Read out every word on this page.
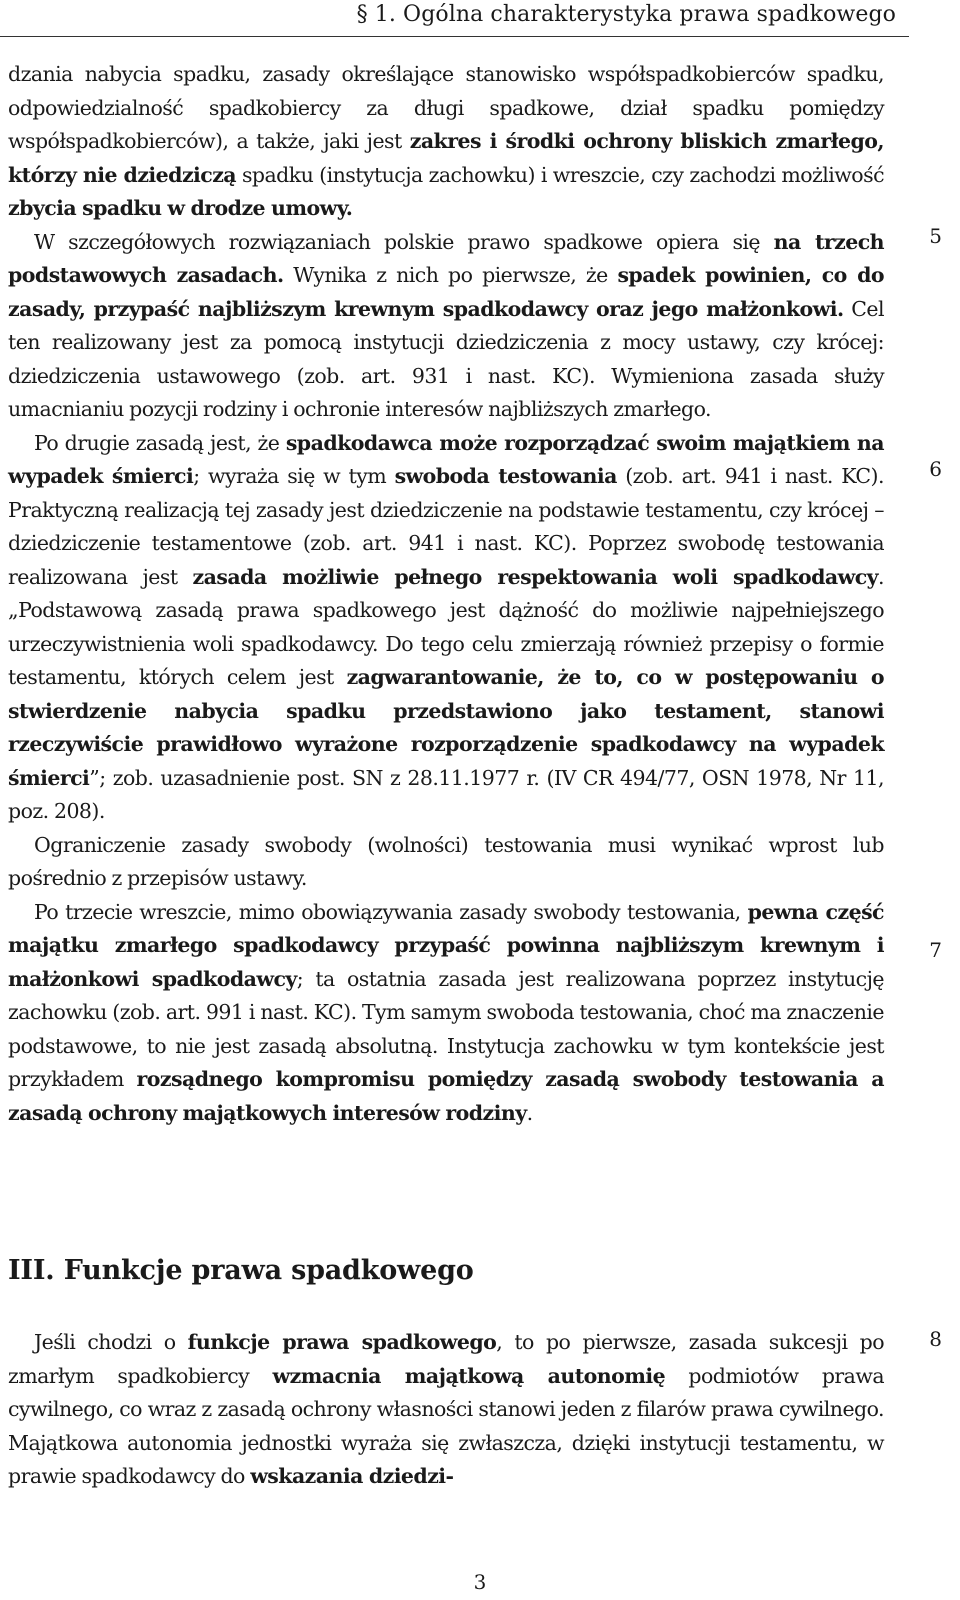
§ 1. Ogólna charakterystyka prawa spadkowego

dzania nabycia spadku, zasady określające stanowisko współspadkobierców spadku, odpowiedzialność spadkobiercy za długi spadkowe, dział spadku pomiędzy współspadkobierców), a także, jaki jest zakres i środki ochrony bliskich zmarłego, którzy nie dziedziczą spadku (instytucja zachowku) i wreszcie, czy zachodzi możliwość zbycia spadku w drodze umowy.

W szczegółowych rozwiązaniach polskie prawo spadkowe opiera się na trzech podstawowych zasadach. Wynika z nich po pierwsze, że spadek powinien, co do zasady, przypaść najbliższym krewnym spadkodawcy oraz jego małżonkowi. Cel ten realizowany jest za pomocą instytucji dziedziczenia z mocy ustawy, czy krócej: dziedziczenia ustawowego (zob. art. 931 i nast. KC). Wymieniona zasada służy umacnianiu pozycji rodziny i ochronie interesów najbliższych zmarłego.

Po drugie zasadą jest, że spadkodawca może rozporządzać swoim majątkiem na wypadek śmierci; wyraża się w tym swoboda testowania (zob. art. 941 i nast. KC). Praktyczną realizacją tej zasady jest dziedziczenie na podstawie testamentu, czy krócej – dziedziczenie testamentowe (zob. art. 941 i nast. KC). Poprzez swobodę testowania realizowana jest zasada możliwie pełnego respektowania woli spadkodawcy. „Podstawową zasadą prawa spadkowego jest dążność do możliwie najpełniejszego urzeczywistnienia woli spadkodawcy. Do tego celu zmierzają również przepisy o formie testamentu, których celem jest zagwarantowanie, że to, co w postępowaniu o stwierdzenie nabycia spadku przedstawiono jako testament, stanowi rzeczywiście prawidłowo wyrażone rozporządzenie spadkodawcy na wypadek śmierci”; zob. uzasadnienie post. SN z 28.11.1977 r. (IV CR 494/77, OSN 1978, Nr 11, poz. 208).

Ograniczenie zasady swobody (wolności) testowania musi wynikać wprost lub pośrednio z przepisów ustawy.

Po trzecie wreszcie, mimo obowiązywania zasady swobody testowania, pewna część majątku zmarłego spadkodawcy przypaść powinna najbliższym krewnym i małżonkowi spadkodawcy; ta ostatnia zasada jest realizowana poprzez instytucję zachowku (zob. art. 991 i nast. KC). Tym samym swoboda testowania, choć ma znaczenie podstawowe, to nie jest zasadą absolutną. Instytucja zachowku w tym kontekście jest przykładem rozsądnego kompromisu pomiędzy zasadą swobody testowania a zasadą ochrony majątkowych interesów rodziny.

III. Funkcje prawa spadkowego

Jeśli chodzi o funkcje prawa spadkowego, to po pierwsze, zasada sukcesji po zmarłym spadkobiercy wzmacnia majątkową autonomię podmiotów prawa cywilnego, co wraz z zasadą ochrony własności stanowi jeden z filarów prawa cywilnego. Majątkowa autonomia jednostki wyraża się zwłaszcza, dzięki instytucji testamentu, w prawie spadkodawcy do wskazania dziedzi-

5
6
7
8
3
